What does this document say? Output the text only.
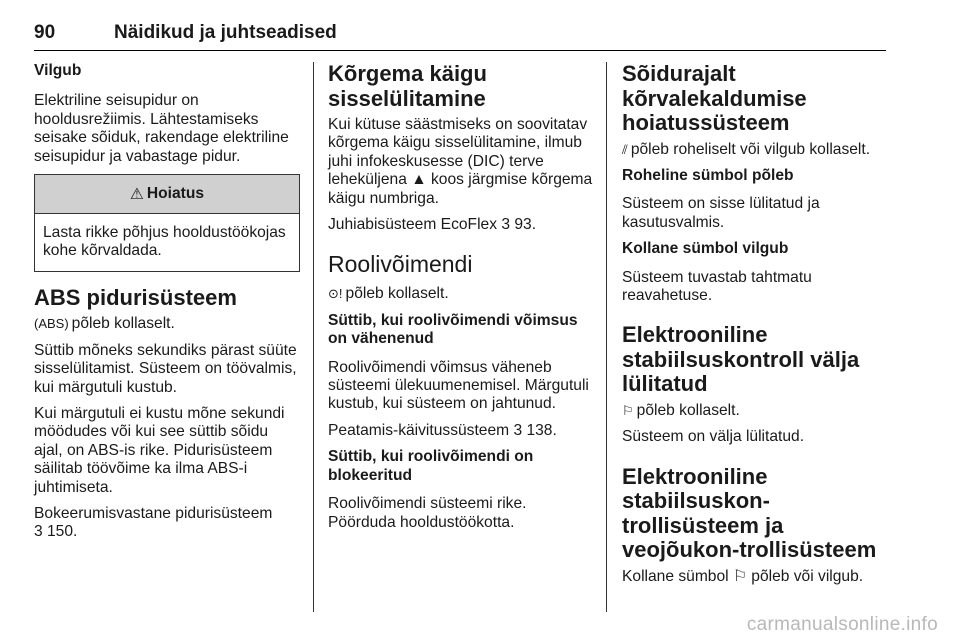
90	Näidikud ja juhtseadised
Vilgub

Elektriline seisupidur on hooldusrežiimis. Lähtestamiseks seisake sõiduk, rakendage elektriline seisupidur ja vabastage pidur.

⚠ Hoiatus
Lasta rikke põhjus hooldustöökojas kohe kõrvaldada.
ABS pidurisüsteem

(ABS) põleb kollaselt.

Süttib mõneks sekundiks pärast süüte sisselülitamist. Süsteem on töövalmis, kui märgutuli kustub.

Kui märgutuli ei kustu mõne sekundi möödudes või kui see süttib sõidu ajal, on ABS-is rike. Pidurisüsteem säilitab töövõime ka ilma ABS-i juhtimiseta.

Bokeerumisvastane pidurisüsteem

3 150.

Kõrgema käigu sisselülitamine

Kui kütuse säästmiseks on soovitatav kõrgema käigu sisselülitamine, ilmub juhi infokeskusesse (DIC) terve leheküljena ▲ koos järgmise kõrgema käigu numbriga.

Juhiabisüsteem EcoFlex 3 93.

Roolivõimendi

⊙! põleb kollaselt.

Süttib, kui roolivõimendi võimsus on vähenenud

Roolivõimendi võimsus väheneb süsteemi ülekuumenemisel. Märgutuli kustub, kui süsteem on jahtunud.

Peatamis-käivitussüsteem 3 138.

Süttib, kui roolivõimendi on blokeeritud

Roolivõimendi süsteemi rike. Pöörduda hooldustöökotta.

Sõidurajalt kõrvalekaldumise hoiatussüsteem

⫽ põleb roheliselt või vilgub kollaselt.

Roheline sümbol põleb

Süsteem on sisse lülitatud ja kasutusvalmis.

Kollane sümbol vilgub

Süsteem tuvastab tahtmatu reavahetuse.

Elektrooniline stabiilsuskontroll välja lülitatud

⚐ põleb kollaselt.

Süsteem on välja lülitatud.

Elektrooniline stabiilsuskon-trollisüsteem ja veojõukon-trollisüsteem

Kollane sümbol ⚐ põleb või vilgub.

carmanualsonline.info
